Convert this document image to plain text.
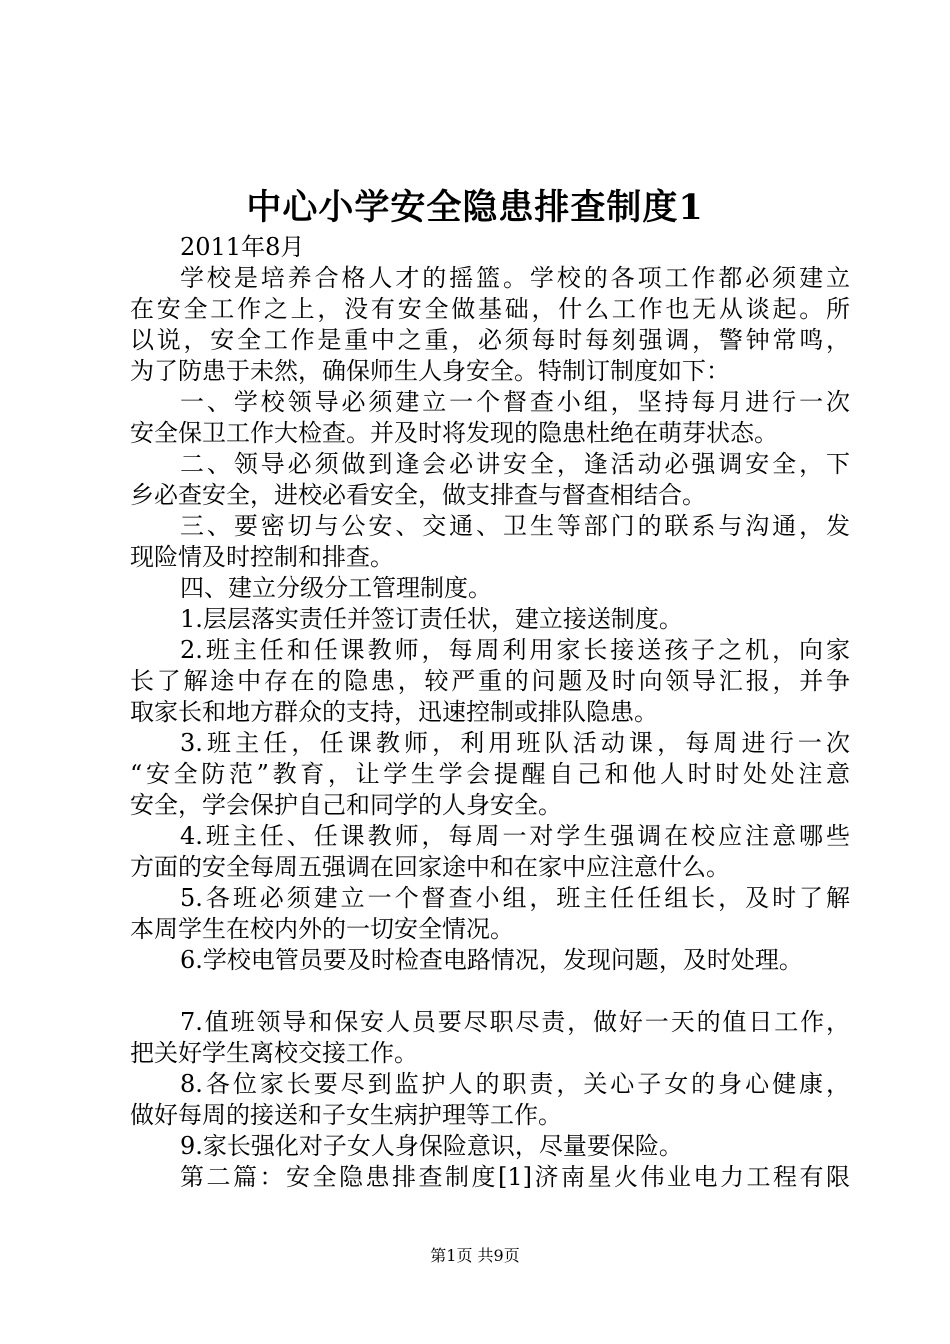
中心小学安全隐患排查制度1
2011年8月
学校是培养合格人才的摇篮。学校的各项工作都必须建立
在安全工作之上，没有安全做基础，什么工作也无从谈起。所
以说，安全工作是重中之重，必须每时每刻强调，警钟常鸣，
为了防患于未然，确保师生人身安全。特制订制度如下：
一、学校领导必须建立一个督查小组，坚持每月进行一次
安全保卫工作大检查。并及时将发现的隐患杜绝在萌芽状态。
二、领导必须做到逢会必讲安全，逢活动必强调安全，下
乡必查安全，进校必看安全，做支排查与督查相结合。
三、要密切与公安、交通、卫生等部门的联系与沟通，发
现险情及时控制和排查。
四、建立分级分工管理制度。
1.层层落实责任并签订责任状，建立接送制度。
2.班主任和任课教师，每周利用家长接送孩子之机，向家
长了解途中存在的隐患，较严重的问题及时向领导汇报，并争
取家长和地方群众的支持，迅速控制或排队隐患。
3.班主任，任课教师，利用班队活动课，每周进行一次
“安全防范”教育，让学生学会提醒自己和他人时时处处注意
安全，学会保护自己和同学的人身安全。
4.班主任、任课教师，每周一对学生强调在校应注意哪些
方面的安全每周五强调在回家途中和在家中应注意什么。
5.各班必须建立一个督查小组，班主任任组长，及时了解
本周学生在校内外的一切安全情况。
6.学校电管员要及时检查电路情况，发现问题，及时处理。
7.值班领导和保安人员要尽职尽责，做好一天的值日工作，
把关好学生离校交接工作。
8.各位家长要尽到监护人的职责，关心子女的身心健康，
做好每周的接送和子女生病护理等工作。
9.家长强化对子女人身保险意识，尽量要保险。
第二篇：安全隐患排查制度[1]济南星火伟业电力工程有限
第1页 共9页
